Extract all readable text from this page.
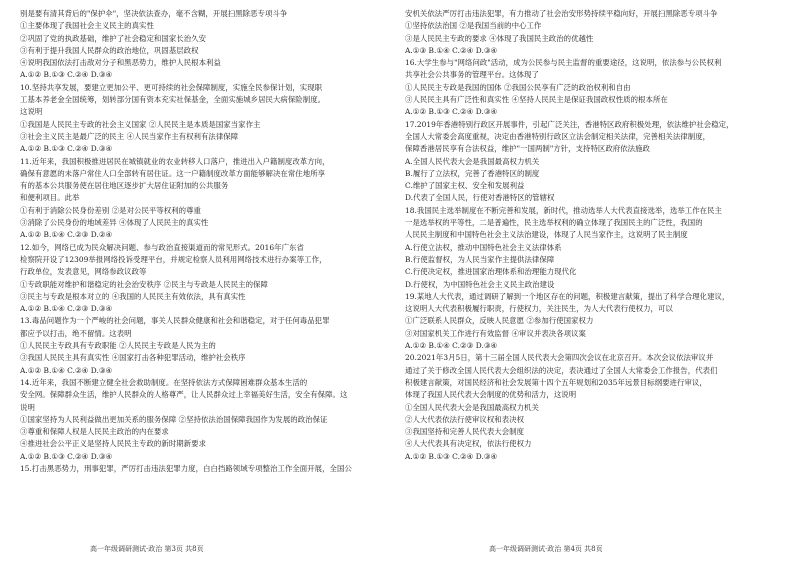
别是要有清其背后的"保护伞"，坚决依法查办，毫不含糊，开展扫黑除恶专项斗争
①主要体现了我国社会主义民主的真实性
②巩固了党的执政基础，维护了社会稳定和国家长治久安
③有利于提升我国人民群众的政治地位，巩固基层政权
④说明我国依法打击敌对分子和黑恶势力，维护人民根本利益
A.①② B.①③ C.②④ D.③④
10.坚持共享发展，要建立更加公平、更可持续的社会保障制度，实施全民参保计划，实现职
工基本养老金全国统筹，划转部分国有资本充实社保基金，全面实施城乡居民大病保险制度。
这说明
①我国是人民民主专政的社会主义国家 ②人民民主是本质是国家当家作主
③社会主义民主是最广泛的民主 ④人民当家作主有权利有法律保障
A.①② B.①③ C.②④ D.③④
11.近年来，我国积极推进居民在城镇就业的农业转移人口落户，推进出入户籍制度改革方向，
确保有意愿的未落户常住人口全部转有居住证。这一户籍制度改革方面能够解决在常住地所享
有的基本公共服务使在居住地区逐步扩大居住证附加的公共服务
和便利项目。此举
①有利于消除公民身份差别 ②是对公民平等权利的尊重
③消除了公民身份的地域差异 ④体现了人民民主的真实性
A.①② B.①④ C.②③ D.②④
12.如今，网络已成为民众解决问题、参与政治直接渠道而的常见形式。2016年广东省
检察院开设了12309举报网络投诉受理平台，并规定检察人员利用网络技术进行办案等工作，
行政单位，发表意见，网络参政议政等
①专政职能对维护和谐稳定的社会治安秩序 ②民主与专政是人民民主的保障
③民主与专政是根本对立的 ④我国的人民民主有效依法，具有真实性
A.①② B.①④ C.②③ D.③④
13.毒品问题作为一个严峻的社会问题，事关人民群众健康和社会和谐稳定，对于任何毒品犯罪
都应予以打击，绝不留情。这表明
①人民民主专政具有专政职能 ②人民民主专政是人民为主的
③我国人民民主具有真实性 ④国家打击各种犯罪活动，维护社会秩序
A.①② B.①④ C.②④ D.③④
14.近年来，我国不断建立健全社会救助制度。在坚持依法方式保障困难群众基本生活的
安全网。保障群众生活，维护人民群众的人格尊严，让人民群众过上幸福美好生活，安全有保障。这
说明
①国家坚持为人民利益做出更加关系的服务保障 ②坚持依法治国保障我国作为发展的政治保证
③尊重和保障人权是人民民主政治的内在要求
④推进社会公平正义是坚持人民民主专政的新时期新要求
A.①② B.①③ C.②④ D.③④
15.打击黑恶势力，刑事犯罪，严厉打击违法犯罪力度，白白挡路领域专项整治工作全面开展，全国公
高一年级调研测试·政治 第3页 共8页
安机关依法严厉打击违法犯罪，有力推动了社会治安形势持续平稳向好，开展扫黑除恶专项斗争
①坚持依法治国 ②是我国当前的中心工作
③是人民民主专政的要求 ④体现了我国民主政治的优越性
A.①③ B.①④ C.②④ D.③④
16.大学生参与"网络问政"活动，成为公民参与民主监督的重要途径，这说明，依法参与公民权利
共享社会公共事务的管理平台。这体现了
①人民民主专政是我国的国体 ②我国公民享有广泛的政治权利和自由
③人民民主具有广泛性和真实性 ④坚持人民民主是保证我国政权性质的根本所在
A.①② B.①③ C.②④ D.③④
17.2019年香港特别行政区开展事件，引起广泛关注，香港特区政府积极处理，依法维护社会稳定，
全国人大常委会高度重视，决定由香港特别行政区立法会制定相关法律，完善相关法律制度，
保障香港居民享有合法权益，维护"一国两制"方针，支持特区政府依法施政
A.全国人民代表大会是我国最高权力机关
B.履行了立法权，完善了香港特区的制度
C.维护了国家主权、安全和发展利益
D.代表了全国人民，行使对香港特区的管辖权
18.我国民主选举制度在不断完善和发展，新时代，推动选举人大代表直接选举，选举工作在民主
一是选举权的平等性，二是普遍性，民主选举权利的确立体现了我国民主的广泛性，我国的
人民民主制度和中国特色社会主义法治建设，体现了人民当家作主，这说明了民主制度
A.行使立法权，推动中国特色社会主义法律体系
B.行使监督权，为人民当家作主提供法律保障
C.行使决定权，推进国家治理体系和治理能力现代化
D.行使权，为中国特色社会主义民主政治建设
19.某地人大代表，通过调研了解到一个地区存在的问题，积极建言献策，提出了科学合理化建议，
这说明人大代表积极履行职责，行使权力，关注民生，为人大代表行使权力，可以
①广泛联系人民群众，反映人民意愿 ②参加行使国家权力
③对国家机关工作进行有效监督 ④审议并表决各项议案
A.①② B.①④ C.②③ D.③④
20.2021年3月5日，第十三届全国人民代表大会第四次会议在北京召开。本次会议依法审议并
通过了关于修改全国人民代表大会组织法的决定，表决通过了全国人大常委会工作报告，代表们
积极建言献策，对国民经济和社会发展第十四个五年规划和2035年远景目标纲要进行审议，
体现了我国人民代表大会制度的优势和活力，这说明
①全国人民代表大会是我国最高权力机关
②人大代表依法行使审议权和表决权
③我国坚持和完善人民代表大会制度
④人大代表具有决定权，依法行使权力
A.①② B.①③ C.②④ D.③④
高一年级调研测试·政治 第4页 共8页
